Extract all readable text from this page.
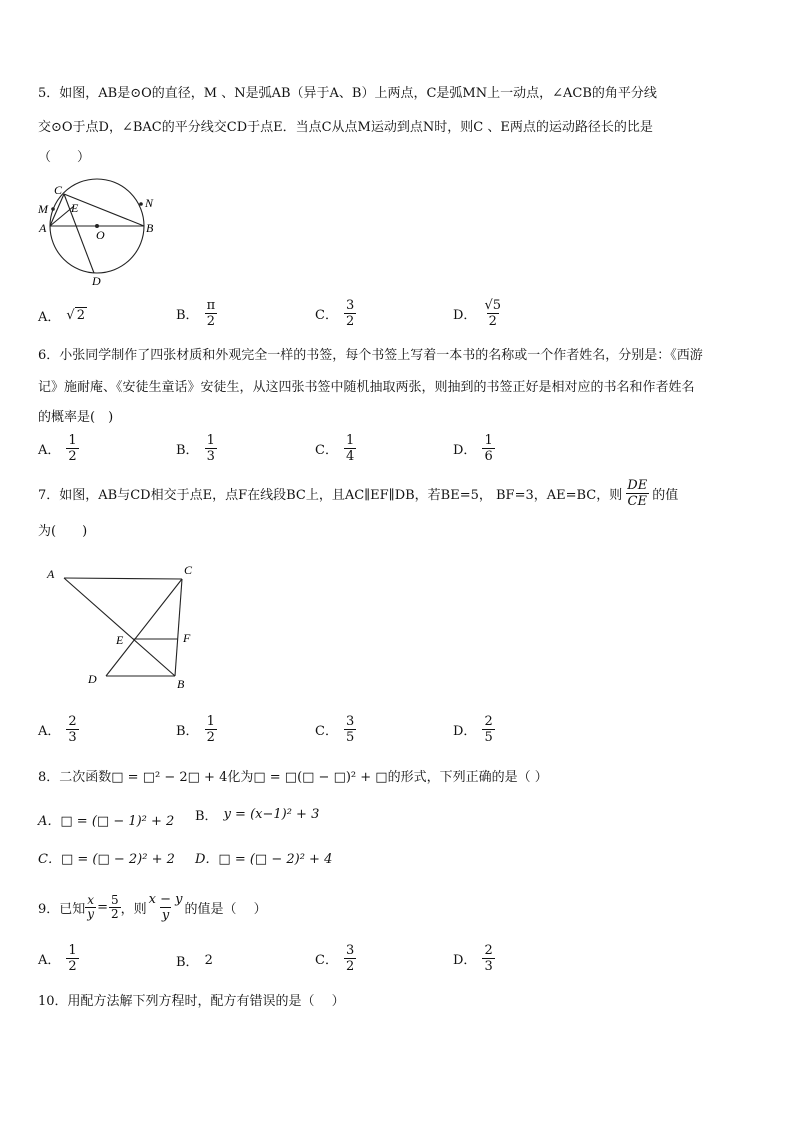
5．如图，AB是⊙O的直径，M 、N是弧AB（异于A、B）上两点，C是弧MN上一动点，∠ACB的角平分线
交⊙O于点D，∠BAC的平分线交CD于点E．当点C从点M运动到点N时，则C 、E两点的运动路径长的比是
（　　）
C
M E	N
A	O	B
D
A． √ 2	B． $\frac{\pi}{2}$	C． $\frac{3}{2}$	D． $\frac{√5}{2}$
6．小张同学制作了四张材质和外观完全一样的书签，每个书签上写着一本书的名称或一个作者姓名，分别是：《西游
记》施耐庵、《安徒生童话》安徒生，从这四张书签中随机抽取两张，则抽到的书签正好是相对应的书名和作者姓名
的概率是(　)
A． $\frac{1}{2}$	B． $\frac{1}{3}$	C． $\frac{1}{4}$	D． $\frac{1}{6}$
7．如图，AB与CD相交于点E，点F在线段BC上，且AC∥EF∥DB，若BE=5， BF=3，AE=BC，则 $\frac{DE}{CE}$ 的值
为(　　)
A	C
E	F
D	B
A． $\frac{2}{3}$	B． $\frac{1}{2}$	C． $\frac{3}{5}$	D． $\frac{2}{5}$
8．二次函数□ = □² − 2□ + 4化为□ = □(□ − □)² + □的形式，下列正确的是（ ）
A．□ = (□ − 1)² + 2 B． y = (x−1)² + 3
C．□ = (□ − 2)² + 2 D．□ = (□ − 2)² + 4
9．已知 $\frac{x}{y} = \frac{5}{2}$ ，则 $\frac{x - y}{y}$ 的值是（　 ）
A． $\frac{1}{2}$	B． 2	C． $\frac{3}{2}$	D． $\frac{2}{3}$
10．用配方法解下列方程时，配方有错误的是（　 ）
